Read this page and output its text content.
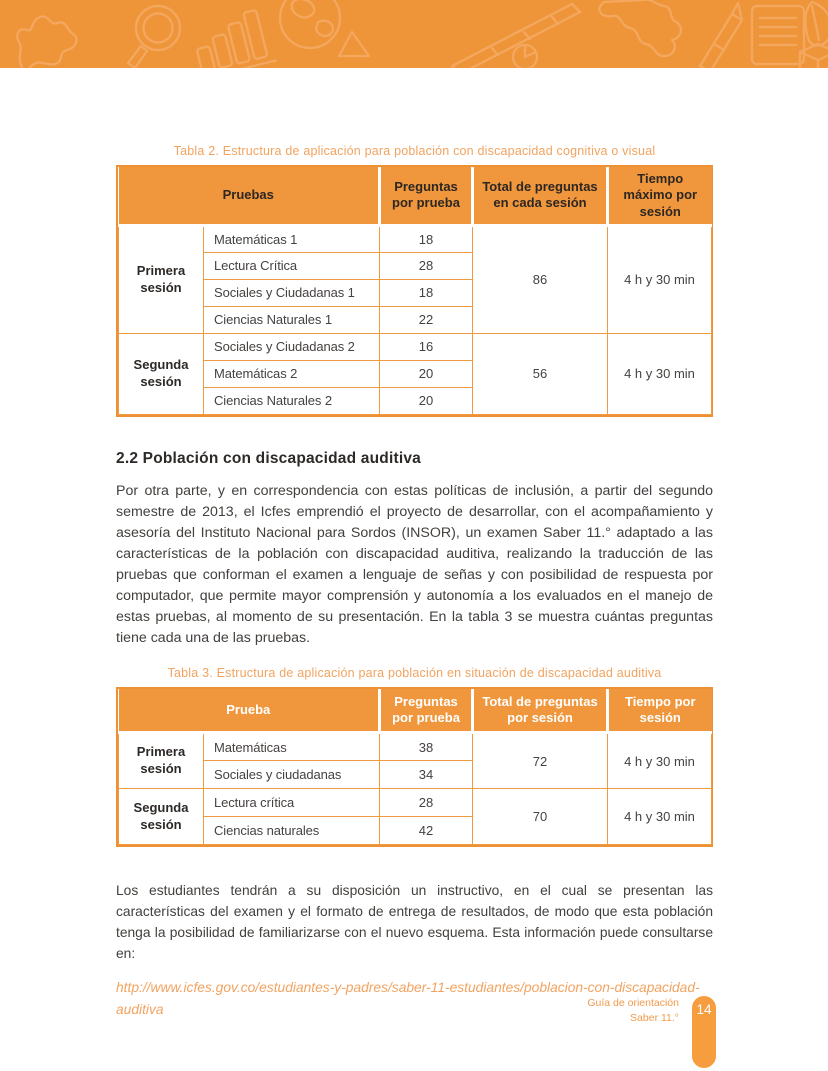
Tabla 2. Estructura de aplicación para población con discapacidad cognitiva o visual
Pruebas		Preguntas por prueba	Total de preguntas en cada sesión	Tiempo máximo por sesión
Primera sesión	Matemáticas 1	18	86	4 h y 30 min
	Lectura Crítica	28		
	Sociales y Ciudadanas 1	18		
	Ciencias Naturales 1	22		
Segunda sesión	Sociales y Ciudadanas 2	16	56	4 h y 30 min
	Matemáticas 2	20		
	Ciencias Naturales 2	20		
2.2 Población con discapacidad auditiva

Por otra parte, y en correspondencia con estas políticas de inclusión, a partir del segundo semestre de 2013, el Icfes emprendió el proyecto de desarrollar, con el acompañamiento y asesoría del Instituto Nacional para Sordos (INSOR), un examen Saber 11.° adaptado a las características de la población con discapacidad auditiva, realizando la traducción de las pruebas que conforman el examen a lenguaje de señas y con posibilidad de respuesta por computador, que permite mayor comprensión y autonomía a los evaluados en el manejo de estas pruebas, al momento de su presentación. En la tabla 3 se muestra cuántas preguntas tiene cada una de las pruebas.

Tabla 3. Estructura de aplicación para población en situación de discapacidad auditiva
Prueba		Preguntas por prueba	Total de preguntas por sesión	Tiempo por sesión
Primera sesión	Matemáticas	38	72	4 h y 30 min
	Sociales y ciudadanas	34		
Segunda sesión	Lectura crítica	28	70	4 h y 30 min
	Ciencias naturales	42		

Los estudiantes tendrán a su disposición un instructivo, en el cual se presentan las características del examen y el formato de entrega de resultados, de modo que esta población tenga la posibilidad de familiarizarse con el nuevo esquema. Esta información puede consultarse en:

http://www.icfes.gov.co/estudiantes-y-padres/saber-11-estudiantes/poblacion-con-discapacidad-auditiva	Guía de orientación
Saber 11.°
14
